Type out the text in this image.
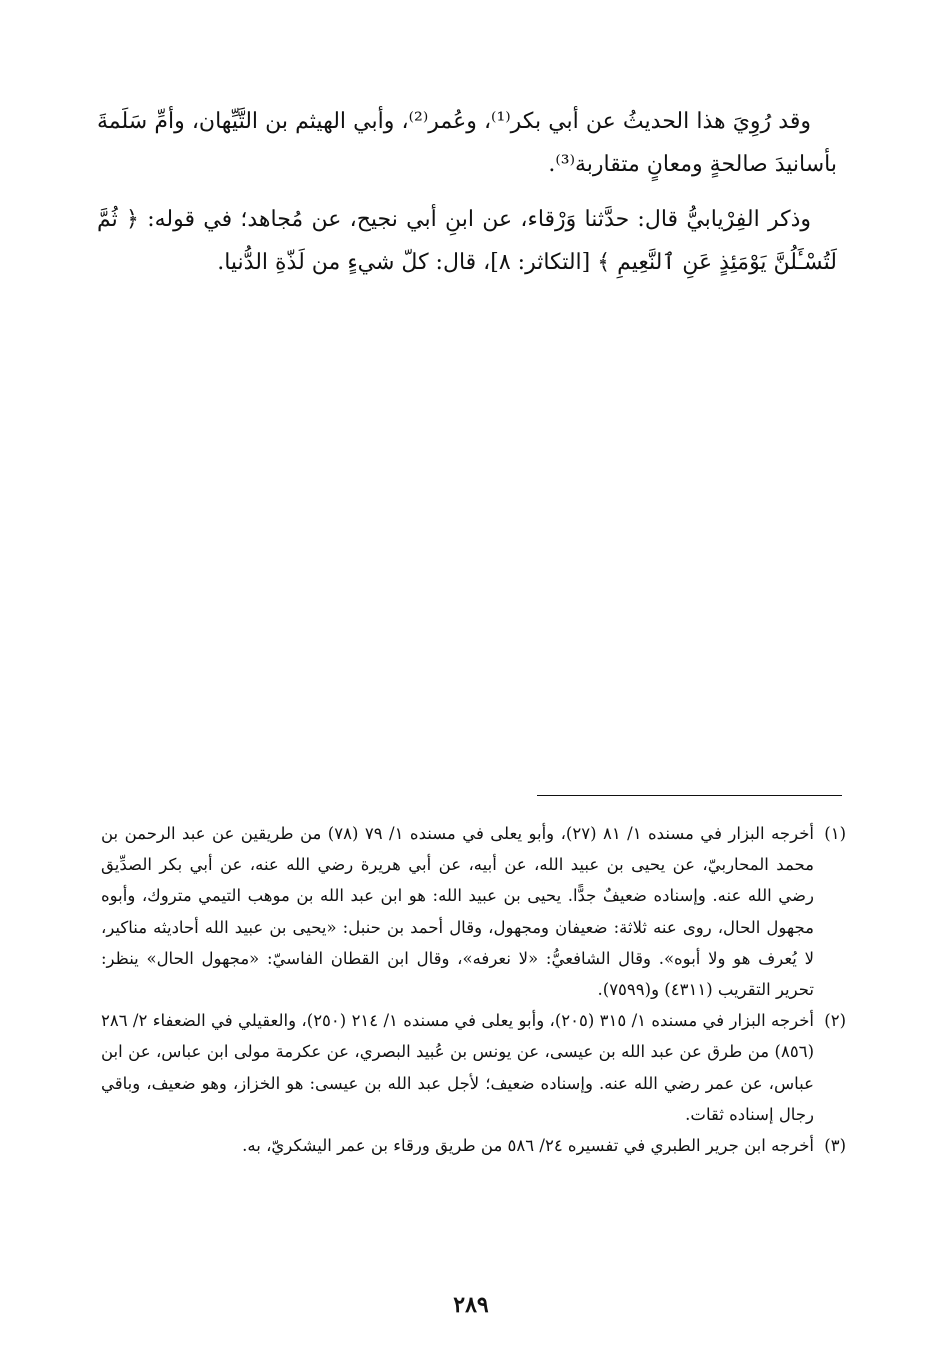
وقد رُوِيَ هذا الحديثُ عن أبي بكر⁽¹⁾، وعُمر⁽²⁾، وأبي الهيثم بن التَّيِّهان، وأمِّ سَلَمةَ بأسانيدَ صالحةٍ ومعانٍ متقاربة⁽³⁾.

وذكر الفِرْيابيُّ قال: حدَّثنا وَرْقاء، عن ابنِ أبي نجيح، عن مُجاهد؛ في قوله: ﴿ ثُمَّ لَتُسْـَٔلُنَّ يَوْمَئِذٍ عَنِ ٱلنَّعِيمِ ﴾ [التكاثر: ٨]، قال: كلّ شيءٍ من لَذّةِ الدُّنيا.

(١)
أخرجه البزار في مسنده ١/ ٨١ (٢٧)، وأبو يعلى في مسنده ١/ ٧٩ (٧٨) من طريقين عن عبد الرحمن بن محمد المحاربيّ، عن يحيى بن عبيد الله، عن أبيه، عن أبي هريرة رضي الله عنه، عن أبي بكر الصدِّيق رضي الله عنه. وإسناده ضعيفٌ جدًّا. يحيى بن عبيد الله: هو ابن عبد الله بن موهب التيمي متروك، وأبوه مجهول الحال، روى عنه ثلاثة: ضعيفان ومجهول، وقال أحمد بن حنبل: «يحيى بن عبيد الله أحاديثه مناكير، لا يُعرف هو ولا أبوه». وقال الشافعيُّ: «لا نعرفه»، وقال ابن القطان الفاسيّ: «مجهول الحال» ينظر: تحرير التقريب (٤٣١١) و(٧٥٩٩).

(٢)
أخرجه البزار في مسنده ١/ ٣١٥ (٢٠٥)، وأبو يعلى في مسنده ١/ ٢١٤ (٢٥٠)، والعقيلي في الضعفاء ٢/ ٢٨٦ (٨٥٦) من طرق عن عبد الله بن عيسى، عن يونس بن عُبيد البصري، عن عكرمة مولى ابن عباس، عن ابن عباس، عن عمر رضي الله عنه. وإسناده ضعيف؛ لأجل عبد الله بن عيسى: هو الخزاز، وهو ضعيف، وباقي رجال إسناده ثقات.

(٣)
أخرجه ابن جرير الطبري في تفسيره ٢٤/ ٥٨٦ من طريق ورقاء بن عمر اليشكريّ، به.

٢٨٩
